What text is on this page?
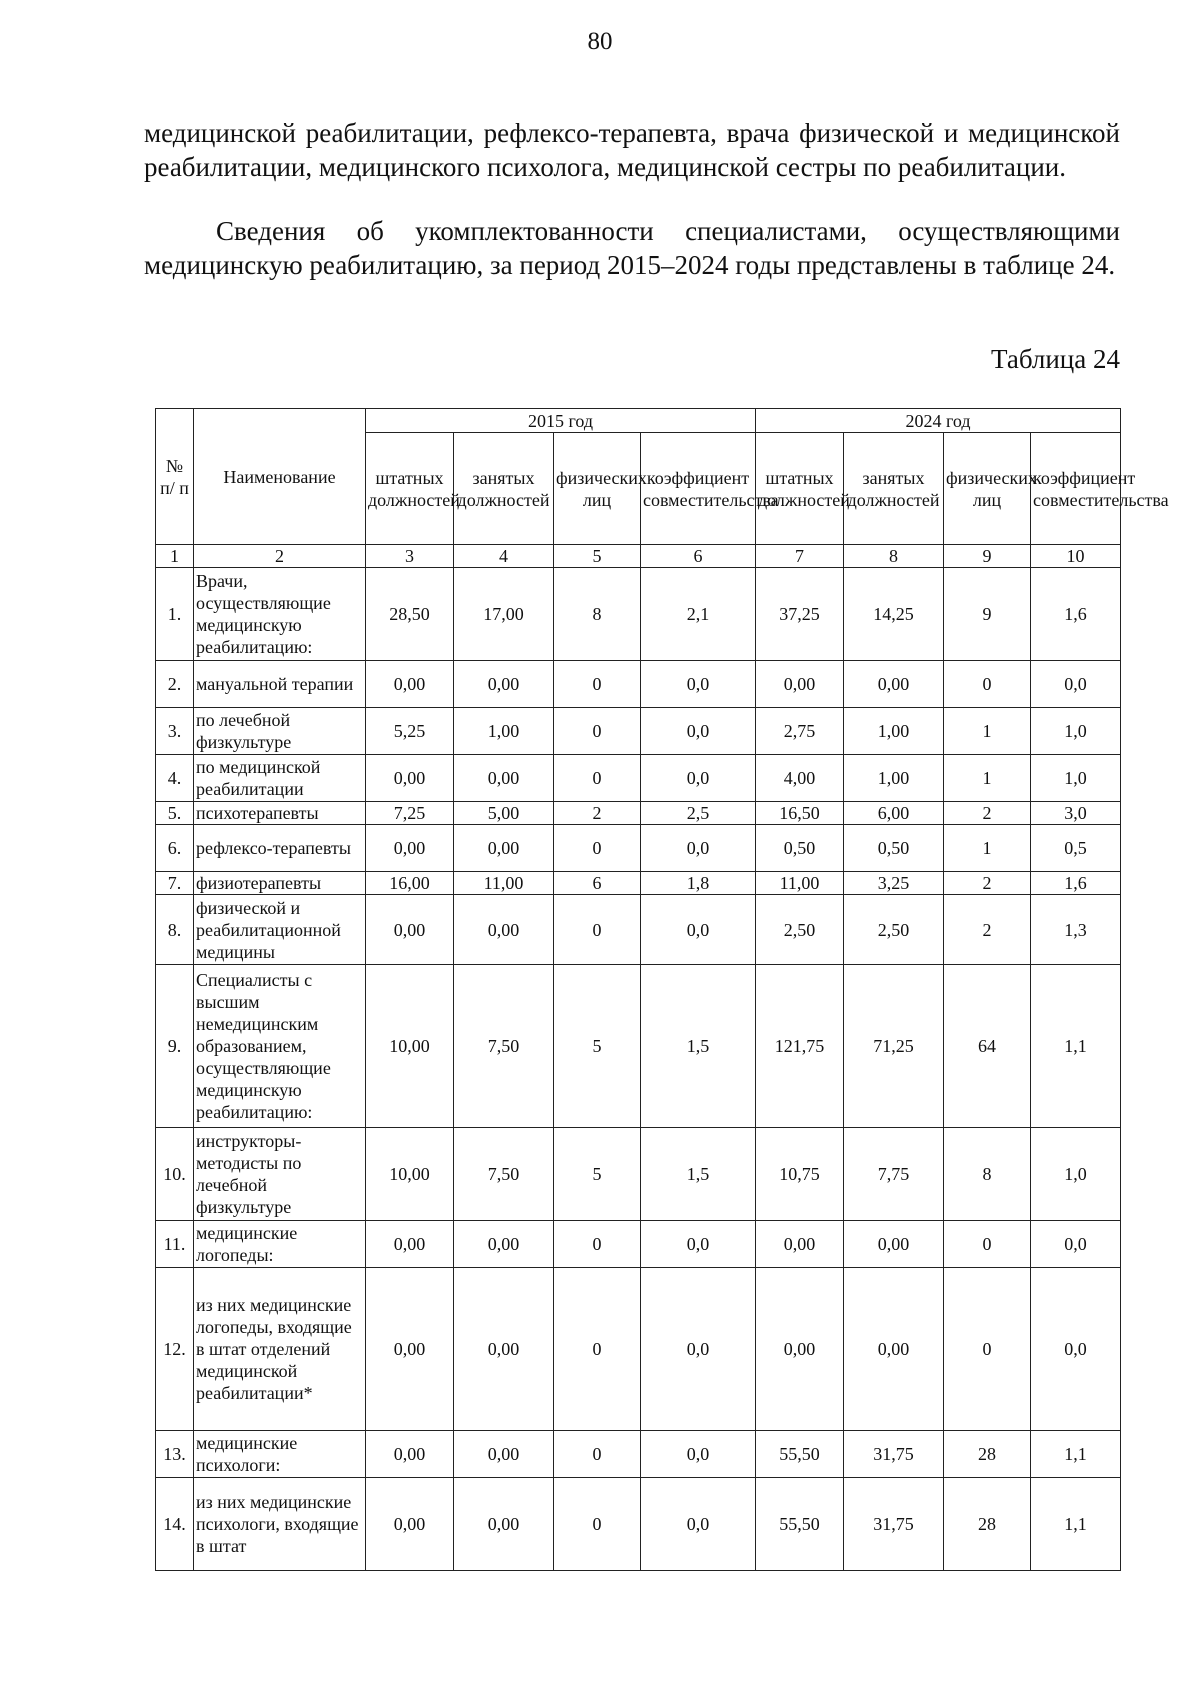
80
медицинской реабилитации, рефлексо-терапевта, врача физической и медицинской реабилитации, медицинского психолога, медицинской сестры по реабилитации.
Сведения об укомплектованности специалистами, осуществляющими медицинскую реабилитацию, за период 2015–2024 годы представлены в таблице 24.
Таблица 24
№ п/ п	Наименование	2015 год				2024 год			
		штатных должностей	занятых должностей	физических лиц	коэффициент совместительства	штатных должностей	занятых должностей	физических лиц	коэффициент совместительства
1	2	3	4	5	6	7	8	9	10
1.	Врачи, осуществляющие медицинскую реабилитацию:	28,50	17,00	8	2,1	37,25	14,25	9	1,6
2.	мануальной терапии	0,00	0,00	0	0,0	0,00	0,00	0	0,0
3.	по лечебной физкультуре	5,25	1,00	0	0,0	2,75	1,00	1	1,0
4.	по медицинской реабилитации	0,00	0,00	0	0,0	4,00	1,00	1	1,0
5.	психотерапевты	7,25	5,00	2	2,5	16,50	6,00	2	3,0
6.	рефлексо-терапевты	0,00	0,00	0	0,0	0,50	0,50	1	0,5
7.	физиотерапевты	16,00	11,00	6	1,8	11,00	3,25	2	1,6
8.	физической и реабилитационной медицины	0,00	0,00	0	0,0	2,50	2,50	2	1,3
9.	Специалисты с высшим немедицинским образованием, осуществляющие медицинскую реабилитацию:	10,00	7,50	5	1,5	121,75	71,25	64	1,1
10.	инструкторы-методисты по лечебной физкультуре	10,00	7,50	5	1,5	10,75	7,75	8	1,0
11.	медицинские логопеды:	0,00	0,00	0	0,0	0,00	0,00	0	0,0
12.	из них медицинские логопеды, входящие в штат отделений медицинской реабилитации*	0,00	0,00	0	0,0	0,00	0,00	0	0,0
13.	медицинские психологи:	0,00	0,00	0	0,0	55,50	31,75	28	1,1
14.	из них медицинские психологи, входящие в штат	0,00	0,00	0	0,0	55,50	31,75	28	1,1
